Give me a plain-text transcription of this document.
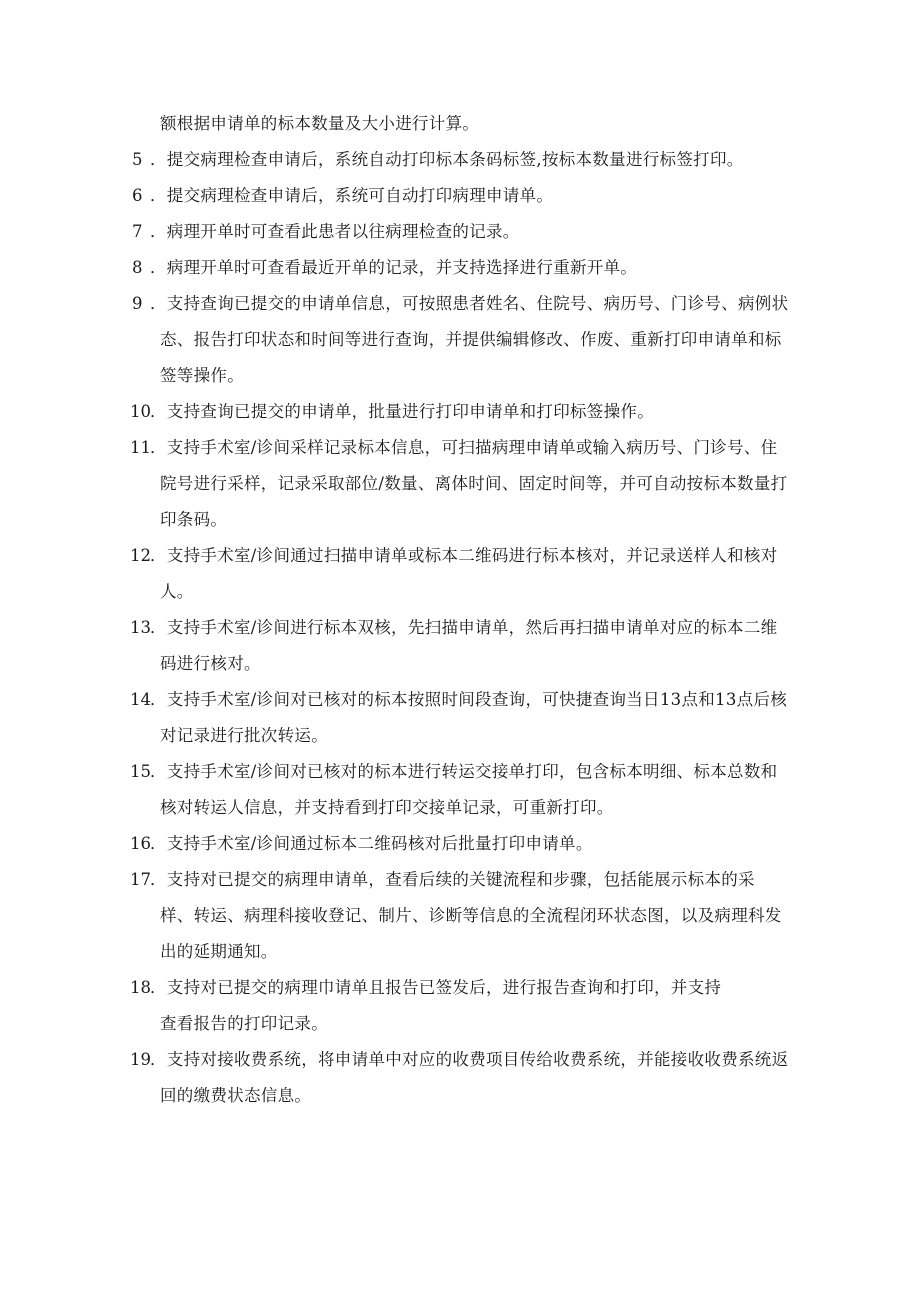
额根据申请单的标本数量及大小进行计算。
5 ．提交病理检查申请后，系统自动打印标本条码标签,按标本数量进行标签打印。
6 ．提交病理检查申请后，系统可自动打印病理申请单。
7 ．病理开单时可查看此患者以往病理检查的记录。
8 ．病理开单时可查看最近开单的记录，并支持选择进行重新开单。
9 ．支持查询已提交的申请单信息，可按照患者姓名、住院号、病历号、门诊号、病例状
态、报告打印状态和时间等进行查询，并提供编辑修改、作废、重新打印申请单和标
签等操作。
10 ．支持查询已提交的申请单，批量进行打印申请单和打印标签操作。
11 ．支持手术室/诊间采样记录标本信息，可扫描病理申请单或输入病历号、门诊号、住
院号进行采样，记录采取部位/数量、离体时间、固定时间等，并可自动按标本数量打
印条码。
12 ．支持手术室/诊间通过扫描申请单或标本二维码进行标本核对，并记录送样人和核对
人。
13 ．支持手术室/诊间进行标本双核，先扫描申请单，然后再扫描申请单对应的标本二维
码进行核对。
14 ．支持手术室/诊间对已核对的标本按照时间段查询，可快捷查询当日13点和13点后核
对记录进行批次转运。
15 ．支持手术室/诊间对已核对的标本进行转运交接单打印，包含标本明细、标本总数和
核对转运人信息，并支持看到打印交接单记录，可重新打印。
16 ．支持手术室/诊间通过标本二维码核对后批量打印申请单。
17 ．支持对已提交的病理申请单，查看后续的关键流程和步骤，包括能展示标本的采
样、转运、病理科接收登记、制片、诊断等信息的全流程闭环状态图，以及病理科发
出的延期通知。
18 ．支持对已提交的病理巾请单且报告已签发后，进行报告查询和打印，并支持
查看报告的打印记录。
19 ．支持对接收费系统，将申请单中对应的收费项目传给收费系统，并能接收收费系统返
回的缴费状态信息。
